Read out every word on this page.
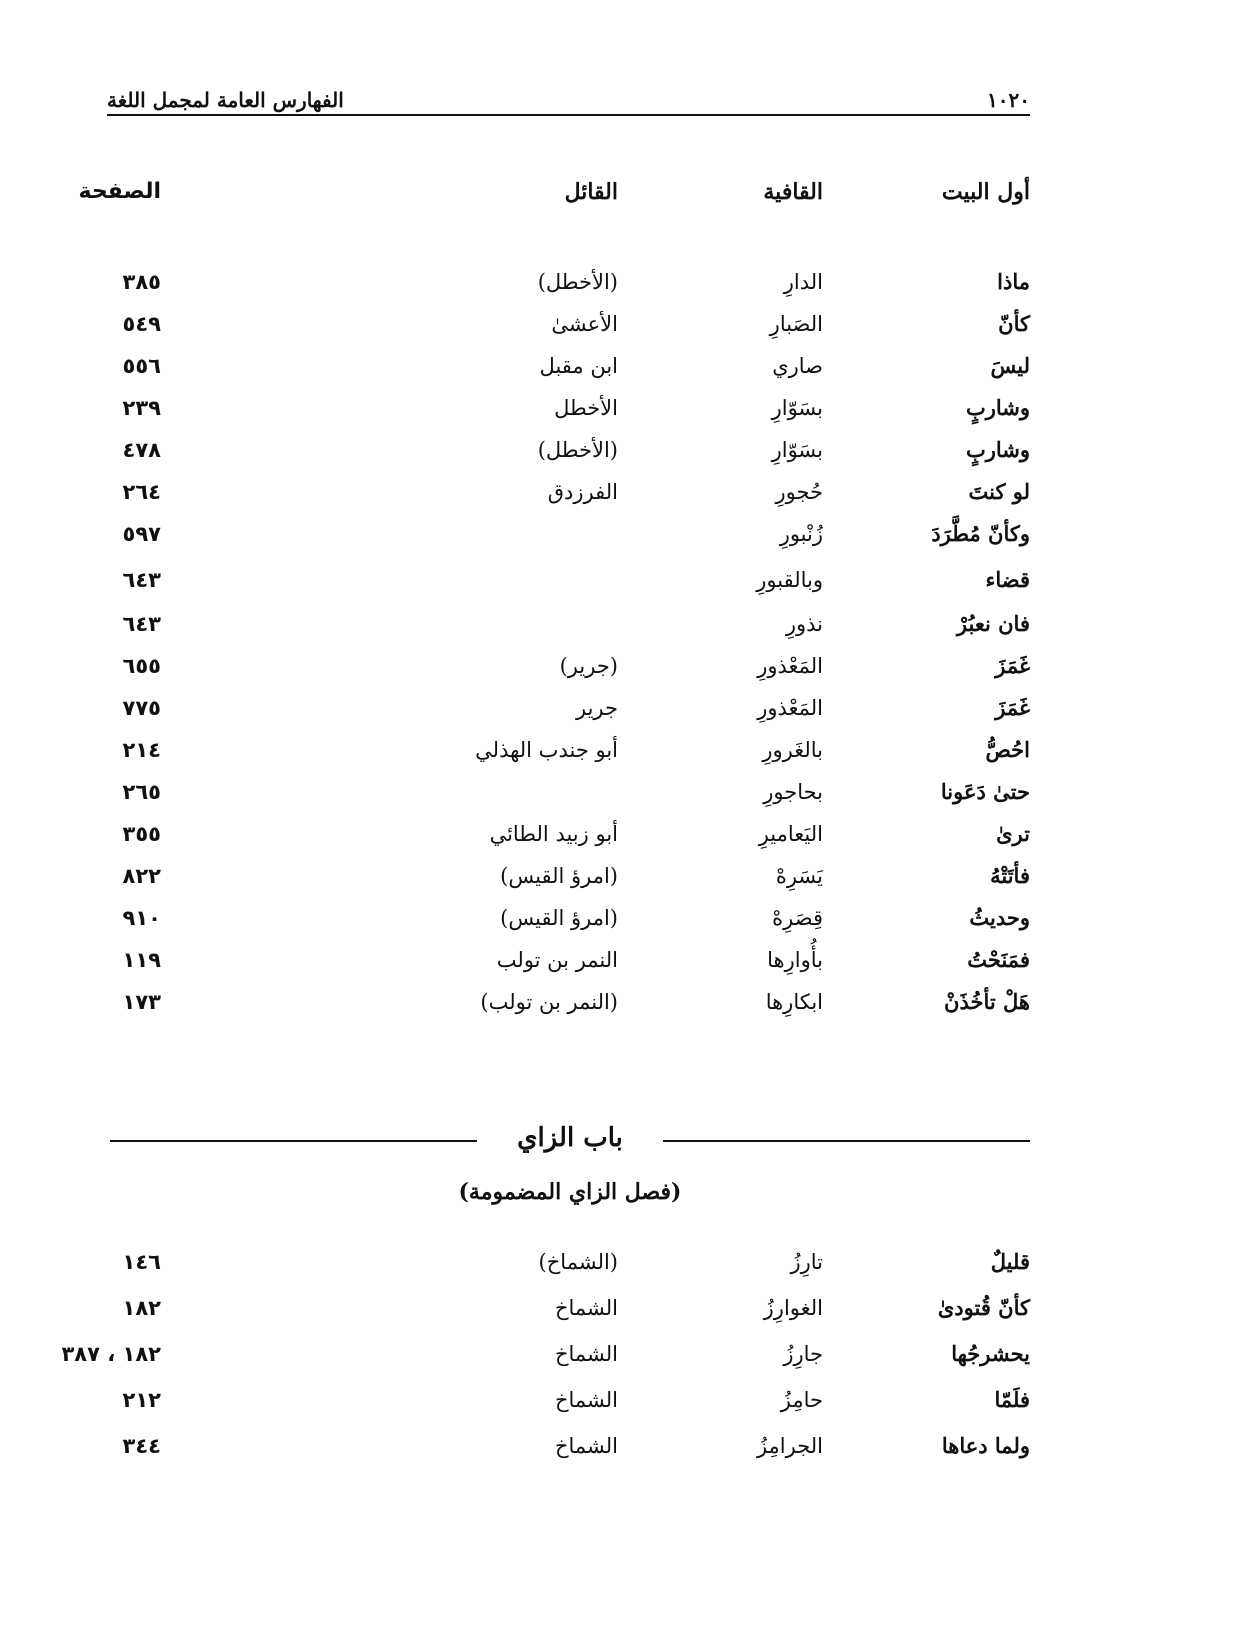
١٠٢٠
الفهارس العامة لمجمل اللغة
أول البيت
القافية
القائل
الصفحة
ماذا
الدارِ
(الأخطل)
٣٨٥
كأنّ
الصَبارِ
الأعشىٰ
٥٤٩
ليسَ
صاري
ابن مقبل
٥٥٦
وشاربٍ
بسَوّارِ
الأخطل
٢٣٩
وشاربٍ
بسَوّارِ
(الأخطل)
٤٧٨
لو كنتَ
حُجورِ
الفرزدق
٢٦٤
وكأنّ مُطَّرَدَ
زُنْبورِ
٥٩٧
قضاء
وبالقبورِ
٦٤٣
فان نعبُرْ
نذورِ
٦٤٣
غَمَزَ
المَعْذورِ
(جرير)
٦٥٥
غَمَزَ
المَعْذورِ
جرير
٧٧٥
احُصُّ
بالغَرورِ
أبو جندب الهذلي
٢١٤
حتىٰ دَعَونا
بحاجورِ
٢٦٥
ترىٰ
اليَعاميرِ
أبو زبيد الطائي
٣٥٥
فأتَتْهُ
يَسَرِهْ
(امرؤ القيس)
٨٢٢
وحديثُ
قِصَرِهْ
(امرؤ القيس)
٩١٠
فمَنَحْتُ
بأُوارِها
النمر بن تولب
١١٩
هَلْ تأخُذَنْ
ابكارِها
(النمر بن تولب)
١٧٣
باب الزاي
(فصل الزاي المضمومة)
قليلٌ
تارِزُ
(الشماخ)
١٤٦
كأنّ قُتودىٰ
الغوارِزُ
الشماخ
١٨٢
يحشرجُها
جارِزُ
الشماخ
١٨٢ ، ٣٨٧
فلَمّا
حامِزُ
الشماخ
٢١٢
ولما دعاها
الجرامِزُ
الشماخ
٣٤٤
